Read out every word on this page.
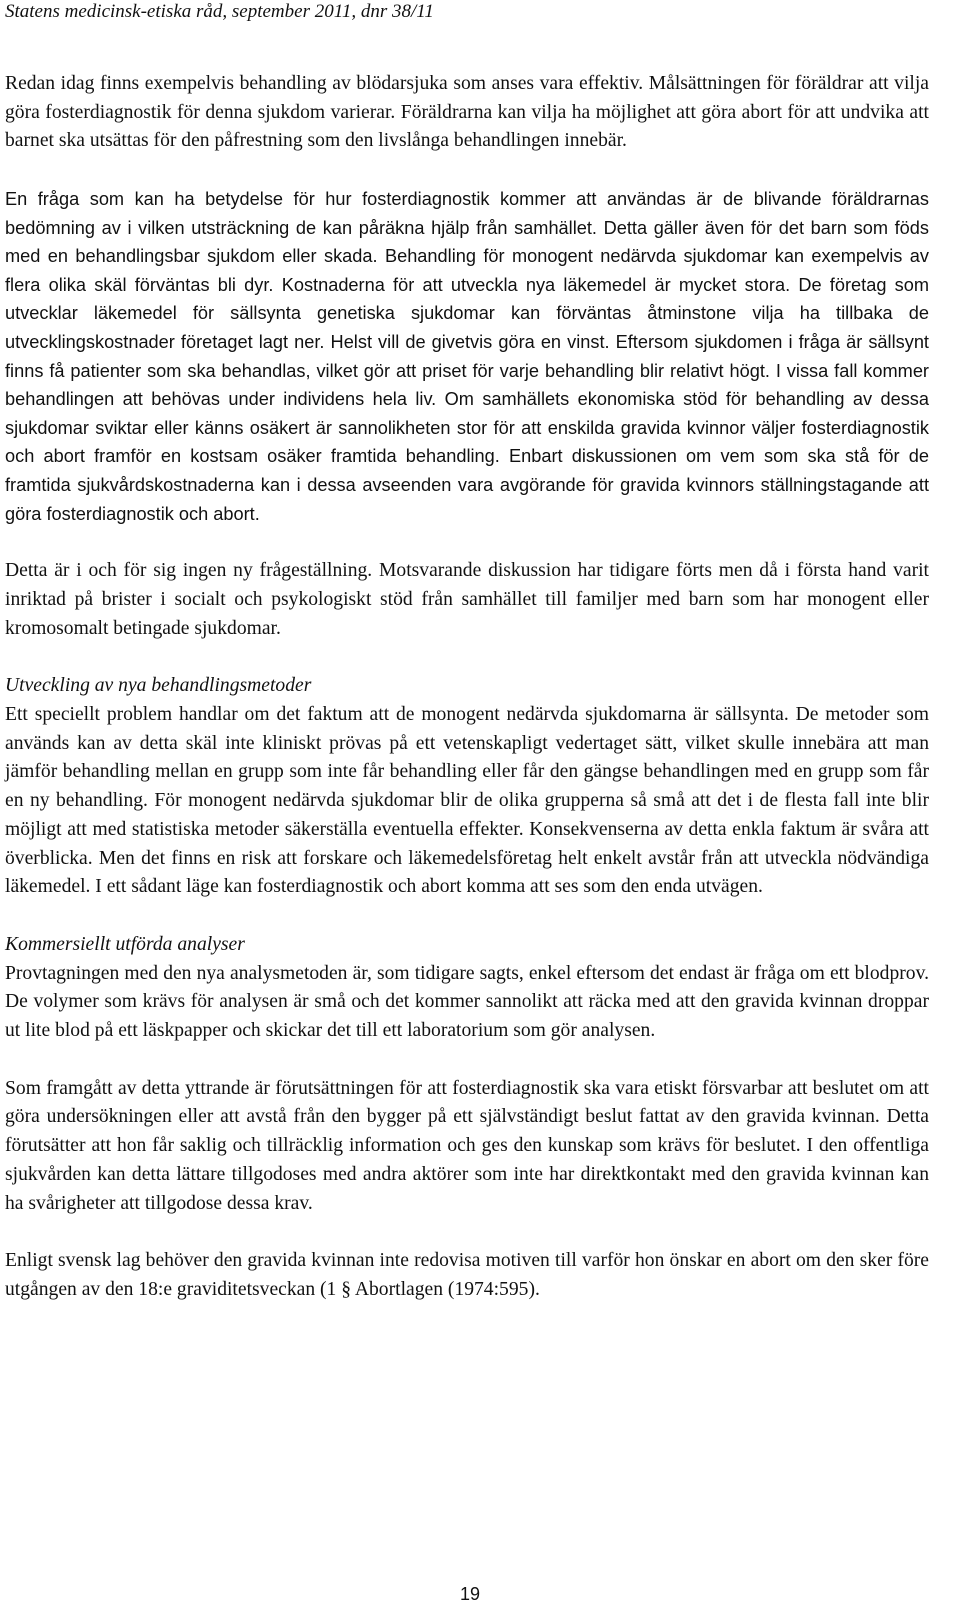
Statens medicinsk-etiska råd, september 2011, dnr 38/11

Redan idag finns exempelvis behandling av blödarsjuka som anses vara effektiv. Målsättningen för föräldrar att vilja göra fosterdiagnostik för denna sjukdom varierar. Föräldrarna kan vilja ha möjlighet att göra abort för att undvika att barnet ska utsättas för den påfrestning som den livslånga behandlingen innebär.

En fråga som kan ha betydelse för hur fosterdiagnostik kommer att användas är de blivande föräldrarnas bedömning av i vilken utsträckning de kan påräkna hjälp från samhället. Detta gäller även för det barn som föds med en behandlingsbar sjukdom eller skada. Behandling för monogent nedärvda sjukdomar kan exempelvis av flera olika skäl förväntas bli dyr. Kostnaderna för att utveckla nya läkemedel är mycket stora. De företag som utvecklar läkemedel för sällsynta genetiska sjukdomar kan förväntas åtminstone vilja ha tillbaka de utvecklingskostnader företaget lagt ner. Helst vill de givetvis göra en vinst. Eftersom sjukdomen i fråga är sällsynt finns få patienter som ska behandlas, vilket gör att priset för varje behandling blir relativt högt. I vissa fall kommer behandlingen att behövas under individens hela liv. Om samhällets ekonomiska stöd för behandling av dessa sjukdomar sviktar eller känns osäkert är sannolikheten stor för att enskilda gravida kvinnor väljer fosterdiagnostik och abort framför en kostsam osäker framtida behandling. Enbart diskussionen om vem som ska stå för de framtida sjukvårdskostnaderna kan i dessa avseenden vara avgörande för gravida kvinnors ställningstagande att göra fosterdiagnostik och abort.

Detta är i och för sig ingen ny frågeställning. Motsvarande diskussion har tidigare förts men då i första hand varit inriktad på brister i socialt och psykologiskt stöd från samhället till familjer med barn som har monogent eller kromosomalt betingade sjukdomar.

Utveckling av nya behandlingsmetoder

Ett speciellt problem handlar om det faktum att de monogent nedärvda sjukdomarna är sällsynta. De metoder som används kan av detta skäl inte kliniskt prövas på ett vetenskapligt vedertaget sätt, vilket skulle innebära att man jämför behandling mellan en grupp som inte får behandling eller får den gängse behandlingen med en grupp som får en ny behandling. För monogent nedärvda sjukdomar blir de olika grupperna så små att det i de flesta fall inte blir möjligt att med statistiska metoder säkerställa eventuella effekter. Konsekvenserna av detta enkla faktum är svåra att överblicka. Men det finns en risk att forskare och läkemedelsföretag helt enkelt avstår från att utveckla nödvändiga läkemedel. I ett sådant läge kan fosterdiagnostik och abort komma att ses som den enda utvägen.

Kommersiellt utförda analyser

Provtagningen med den nya analysmetoden är, som tidigare sagts, enkel eftersom det endast är fråga om ett blodprov. De volymer som krävs för analysen är små och det kommer sannolikt att räcka med att den gravida kvinnan droppar ut lite blod på ett läskpapper och skickar det till ett laboratorium som gör analysen.

Som framgått av detta yttrande är förutsättningen för att fosterdiagnostik ska vara etiskt försvarbar att beslutet om att göra undersökningen eller att avstå från den bygger på ett självständigt beslut fattat av den gravida kvinnan. Detta förutsätter att hon får saklig och tillräcklig information och ges den kunskap som krävs för beslutet. I den offentliga sjukvården kan detta lättare tillgodoses med andra aktörer som inte har direktkontakt med den gravida kvinnan kan ha svårigheter att tillgodose dessa krav.

Enligt svensk lag behöver den gravida kvinnan inte redovisa motiven till varför hon önskar en abort om den sker före utgången av den 18:e graviditetsveckan (1 § Abortlagen (1974:595).

19
